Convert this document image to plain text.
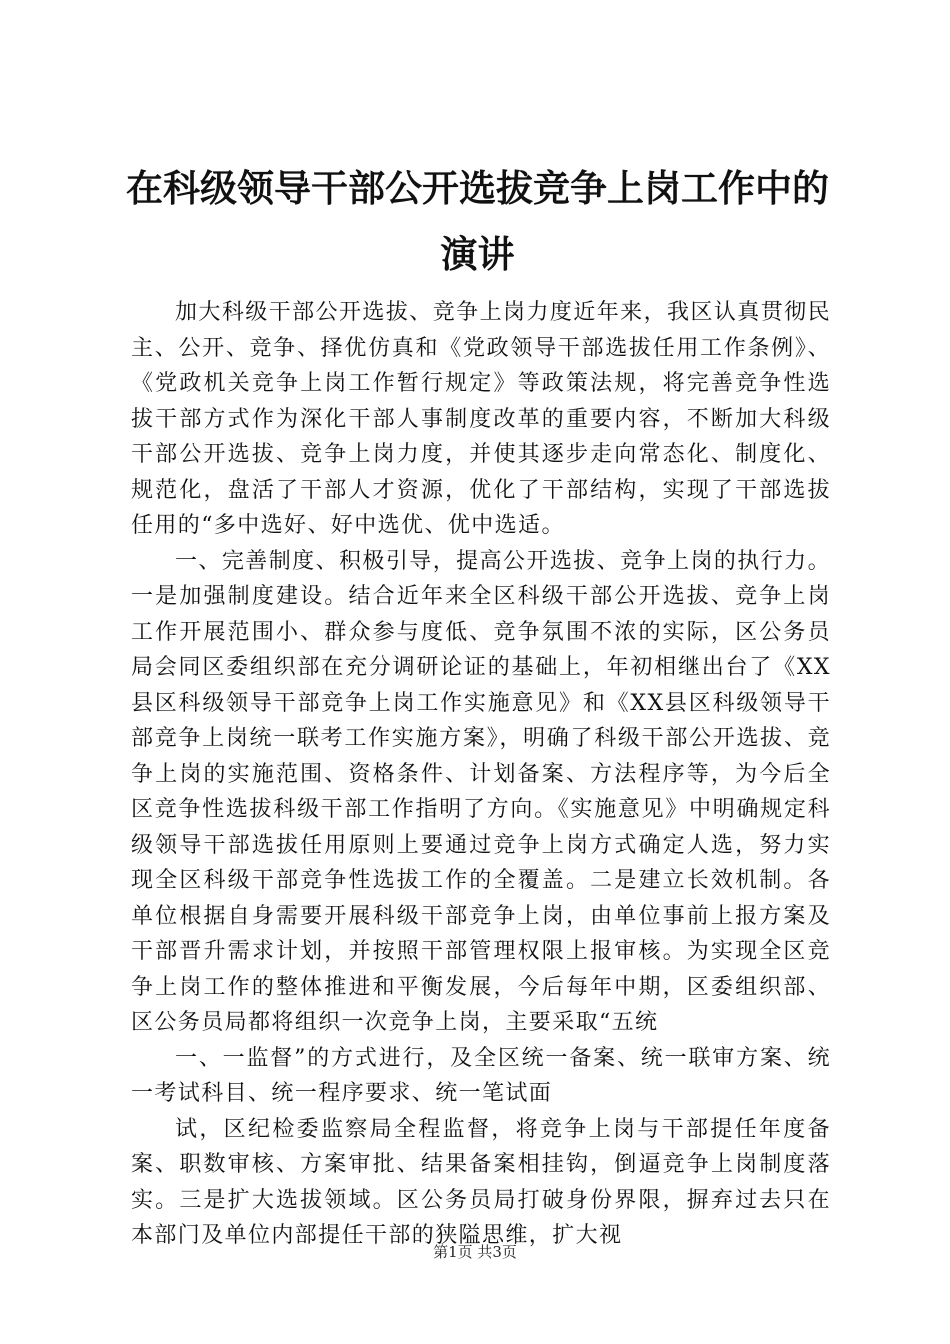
在科级领导干部公开选拔竞争上岗工作中的演讲

加大科级干部公开选拔、竞争上岗力度近年来，我区认真贯彻民主、公开、竞争、择优仿真和《党政领导干部选拔任用工作条例》、《党政机关竞争上岗工作暂行规定》等政策法规，将完善竞争性选拔干部方式作为深化干部人事制度改革的重要内容，不断加大科级干部公开选拔、竞争上岗力度，并使其逐步走向常态化、制度化、规范化，盘活了干部人才资源，优化了干部结构，实现了干部选拔任用的“多中选好、好中选优、优中选适。

一、完善制度、积极引导，提高公开选拔、竞争上岗的执行力。一是加强制度建设。结合近年来全区科级干部公开选拔、竞争上岗工作开展范围小、群众参与度低、竞争氛围不浓的实际，区公务员局会同区委组织部在充分调研论证的基础上，年初相继出台了《XX县区科级领导干部竞争上岗工作实施意见》和《XX县区科级领导干部竞争上岗统一联考工作实施方案》，明确了科级干部公开选拔、竞争上岗的实施范围、资格条件、计划备案、方法程序等，为今后全区竞争性选拔科级干部工作指明了方向。《实施意见》中明确规定科级领导干部选拔任用原则上要通过竞争上岗方式确定人选，努力实现全区科级干部竞争性选拔工作的全覆盖。二是建立长效机制。各单位根据自身需要开展科级干部竞争上岗，由单位事前上报方案及干部晋升需求计划，并按照干部管理权限上报审核。为实现全区竞争上岗工作的整体推进和平衡发展，今后每年中期，区委组织部、区公务员局都将组织一次竞争上岗，主要采取“五统

一、一监督”的方式进行，及全区统一备案、统一联审方案、统一考试科目、统一程序要求、统一笔试面

试，区纪检委监察局全程监督，将竞争上岗与干部提任年度备案、职数审核、方案审批、结果备案相挂钩，倒逼竞争上岗制度落实。三是扩大选拔领域。区公务员局打破身份界限，摒弃过去只在本部门及单位内部提任干部的狭隘思维，扩大视

第1页 共3页
